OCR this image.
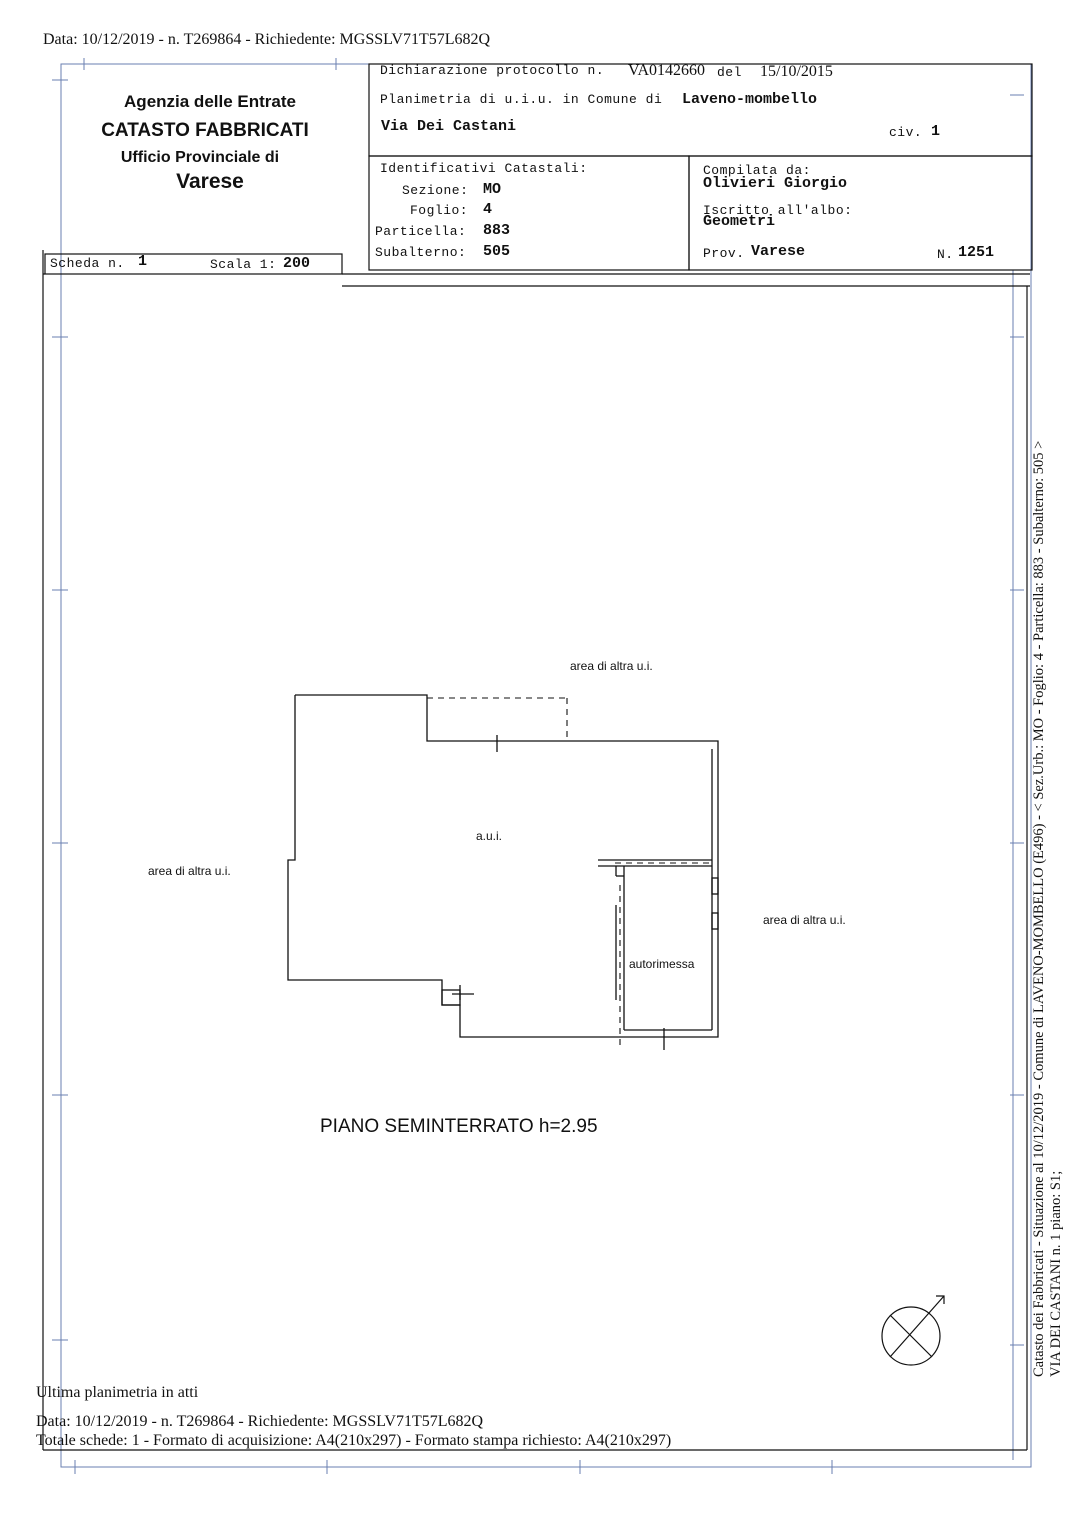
Data: 10/12/2019 - n. T269864 - Richiedente: MGSSLV71T57L682Q
Agenzia delle Entrate
CATASTO FABBRICATI
Ufficio Provinciale di
Varese
Dichiarazione protocollo n. VA0142660 del 15/10/2015
Planimetria di u.i.u. in Comune di Laveno-mombello
Via Dei Castani	civ. 1
Identificativi Catastali:
Sezione: MO
Foglio: 4
Particella: 883
Subalterno: 505
Compilata da:
Olivieri Giorgio
Iscritto all'albo:
Geometri
Prov. Varese	N. 1251
Scheda n. 1	Scala 1: 200
area di altra u.i.
area di altra u.i.
area di altra u.i.
a.u.i.
autorimessa
PIANO SEMINTERRATO h=2.95	Catasto dei Fabbricati - Situazione al 10/12/2019 - Comune di LAVENO-MOMBELLO (E496) - < Sez.Urb.: MO - Foglio: 4 - Particella: 883 - Subalterno: 505 > VIA DEI CASTANI n. 1 piano: S1;
Ultima planimetria in atti
Data: 10/12/2019 - n. T269864 - Richiedente: MGSSLV71T57L682Q
Totale schede: 1 - Formato di acquisizione: A4(210x297) - Formato stampa richiesto: A4(210x297)
